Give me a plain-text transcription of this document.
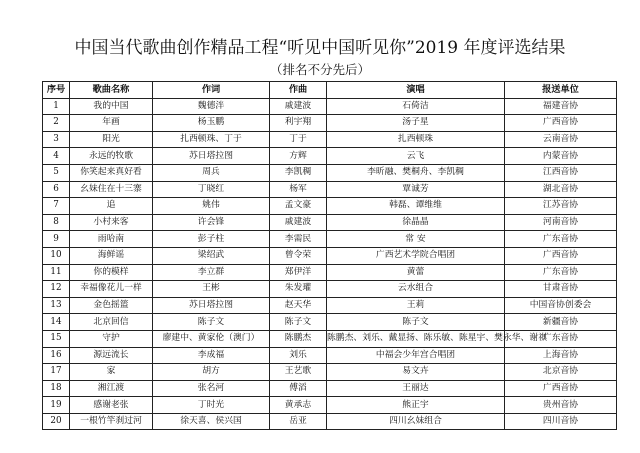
中国当代歌曲创作精品工程“听见中国听见你”2019 年度评选结果
（排名不分先后）
序号	歌曲名称	作词	作曲	演唱	报送单位
1	我的中国	魏德泮	戚建波	石倚洁	福建音协
2	年画	杨玉鹏	利宇翔	汤子星	广西音协
3	阳光	扎西顿珠、丁于	丁于	扎西顿珠	云南音协
4	永远的牧歌	苏日塔拉图	方辉	云飞	内蒙音协
5	你笑起来真好看	周兵	李凯稠	李昕融、樊桐舟、李凯稠	江西音协
6	幺妹住在十三寨	丁晓红	杨军	覃诚芳	湖北音协
7	追	姚伟	孟文豪	韩磊、谭维维	江苏音协
8	小村来客	许会锋	戚建波	徐晶晶	河南音协
9	雨哈南	彭子柱	李需民	常 安	广东音协
10	海鲜谣	梁绍武	曾令荣	广西艺术学院合唱团	广西音协
11	你的模样	李立群	郑伊洋	黄蕾	广东音协
12	幸福像花儿一样	王彬	朱发瓘	云水组合	甘肃音协
13	金色摇篮	苏日塔拉图	赵天华	王莉	中国音协创委会
14	北京回信	陈子文	陈子文	陈子文	新疆音协
15	守护	廖建中、黄家伦（澳门）	陈鹏杰	陈鹏杰、刘乐、戴显扬、陈乐敏、陈星宇、樊永华、谢祺	广东音协
16	源远流长	李成福	刘乐	中福会少年宫合唱团	上海音协
17	家	胡方	王艺歌	易文卉	北京音协
18	湘江渡	张名河	傅滔	王丽达	广西音协
19	感谢老张	丁时光	黄承志	熊正宇	贵州音协
20	一根竹竿刹过河	徐天喜、侯兴国	岳亚	四川幺妹组合	四川音协
